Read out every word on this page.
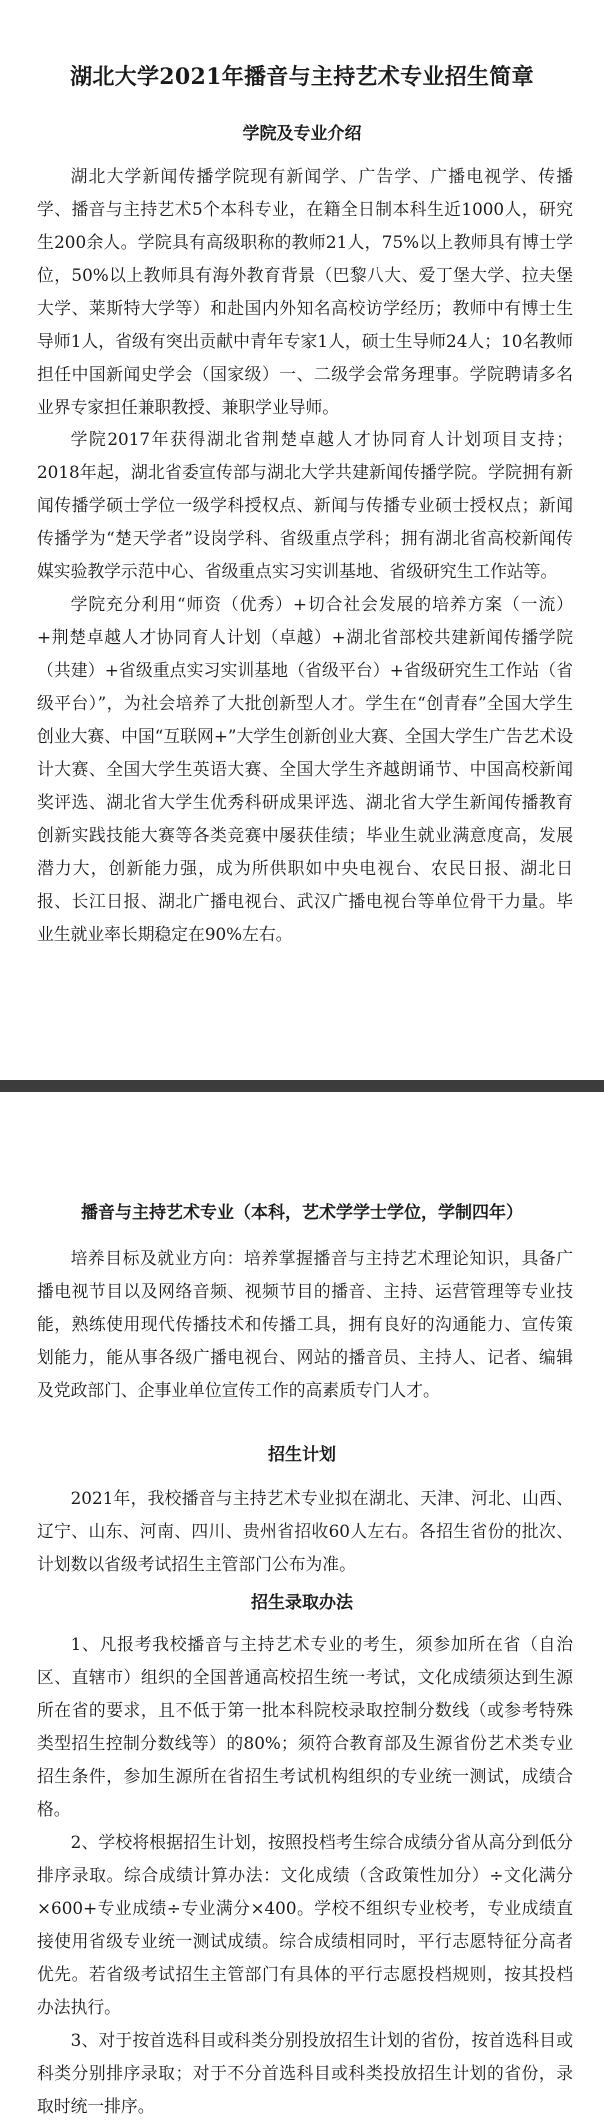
湖北大学2021年播音与主持艺术专业招生简章
学院及专业介绍

湖北大学新闻传播学院现有新闻学、广告学、广播电视学、传播学、播音与主持艺术5个本科专业，在籍全日制本科生近1000人，研究生200余人。学院具有高级职称的教师21人，75%以上教师具有博士学位，50%以上教师具有海外教育背景（巴黎八大、爱丁堡大学、拉夫堡大学、莱斯特大学等）和赴国内外知名高校访学经历；教师中有博士生导师1人，省级有突出贡献中青年专家1人，硕士生导师24人；10名教师担任中国新闻史学会（国家级）一、二级学会常务理事。学院聘请多名业界专家担任兼职教授、兼职学业导师。

学院2017年获得湖北省荆楚卓越人才协同育人计划项目支持；2018年起，湖北省委宣传部与湖北大学共建新闻传播学院。学院拥有新闻传播学硕士学位一级学科授权点、新闻与传播专业硕士授权点；新闻传播学为“楚天学者”设岗学科、省级重点学科；拥有湖北省高校新闻传媒实验教学示范中心、省级重点实习实训基地、省级研究生工作站等。

学院充分利用“师资（优秀）+切合社会发展的培养方案（一流）+荆楚卓越人才协同育人计划（卓越）+湖北省部校共建新闻传播学院（共建）+省级重点实习实训基地（省级平台）+省级研究生工作站（省级平台）”，为社会培养了大批创新型人才。学生在“创青春”全国大学生创业大赛、中国“互联网+”大学生创新创业大赛、全国大学生广告艺术设计大赛、全国大学生英语大赛、全国大学生齐越朗诵节、中国高校新闻奖评选、湖北省大学生优秀科研成果评选、湖北省大学生新闻传播教育创新实践技能大赛等各类竞赛中屡获佳绩；毕业生就业满意度高，发展潜力大，创新能力强，成为所供职如中央电视台、农民日报、湖北日报、长江日报、湖北广播电视台、武汉广播电视台等单位骨干力量。毕业生就业率长期稳定在90%左右。

播音与主持艺术专业（本科，艺术学学士学位，学制四年）

培养目标及就业方向：培养掌握播音与主持艺术理论知识，具备广播电视节目以及网络音频、视频节目的播音、主持、运营管理等专业技能，熟练使用现代传播技术和传播工具，拥有良好的沟通能力、宣传策划能力，能从事各级广播电视台、网站的播音员、主持人、记者、编辑及党政部门、企事业单位宣传工作的高素质专门人才。

招生计划

2021年，我校播音与主持艺术专业拟在湖北、天津、河北、山西、辽宁、山东、河南、四川、贵州省招收60人左右。各招生省份的批次、计划数以省级考试招生主管部门公布为准。

招生录取办法

1、凡报考我校播音与主持艺术专业的考生，须参加所在省（自治区、直辖市）组织的全国普通高校招生统一考试，文化成绩须达到生源所在省的要求，且不低于第一批本科院校录取控制分数线（或参考特殊类型招生控制分数线等）的80%；须符合教育部及生源省份艺术类专业招生条件，参加生源所在省招生考试机构组织的专业统一测试，成绩合格。

2、学校将根据招生计划，按照投档考生综合成绩分省从高分到低分排序录取。综合成绩计算办法：文化成绩（含政策性加分）÷文化满分×600+专业成绩÷专业满分×400。学校不组织专业校考，专业成绩直接使用省级专业统一测试成绩。综合成绩相同时，平行志愿特征分高者优先。若省级考试招生主管部门有具体的平行志愿投档规则，按其投档办法执行。

3、对于按首选科目或科类分别投放招生计划的省份，按首选科目或科类分别排序录取；对于不分首选科目或科类投放招生计划的省份，录取时统一排序。
